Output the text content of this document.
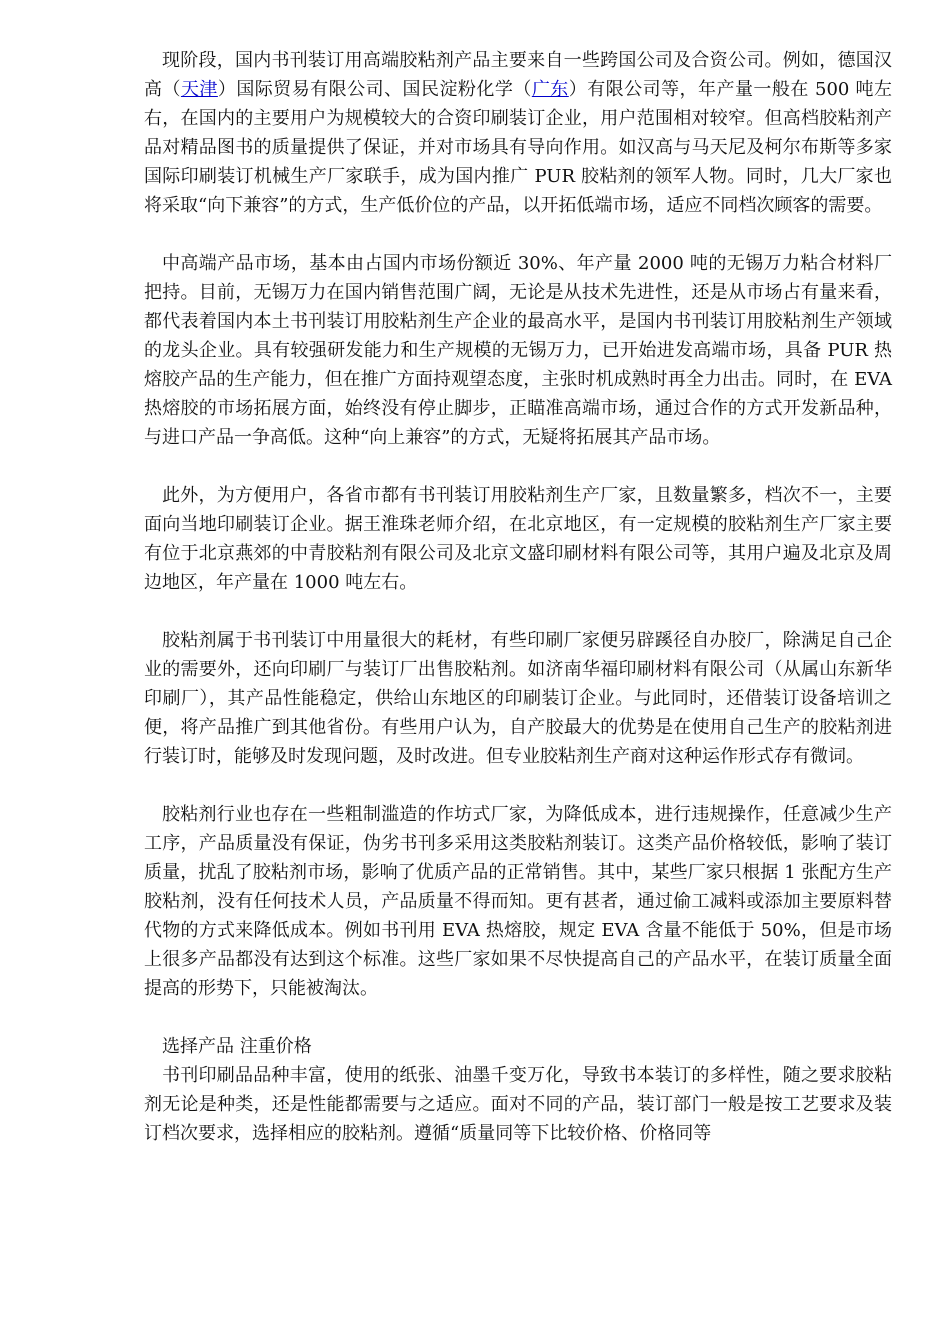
现阶段，国内书刊装订用高端胶粘剂产品主要来自一些跨国公司及合资公司。例如，德国汉高（天津）国际贸易有限公司、国民淀粉化学（广东）有限公司等，年产量一般在 500 吨左右，在国内的主要用户为规模较大的合资印刷装订企业，用户范围相对较窄。但高档胶粘剂产品对精品图书的质量提供了保证，并对市场具有导向作用。如汉高与马天尼及柯尔布斯等多家国际印刷装订机械生产厂家联手，成为国内推广 PUR 胶粘剂的领军人物。同时，几大厂家也将采取“向下兼容”的方式，生产低价位的产品，以开拓低端市场，适应不同档次顾客的需要。

中高端产品市场，基本由占国内市场份额近 30%、年产量 2000 吨的无锡万力粘合材料厂把持。目前，无锡万力在国内销售范围广阔，无论是从技术先进性，还是从市场占有量来看，都代表着国内本土书刊装订用胶粘剂生产企业的最高水平，是国内书刊装订用胶粘剂生产领域的龙头企业。具有较强研发能力和生产规模的无锡万力，已开始进发高端市场，具备 PUR 热熔胶产品的生产能力，但在推广方面持观望态度，主张时机成熟时再全力出击。同时，在 EVA 热熔胶的市场拓展方面，始终没有停止脚步，正瞄准高端市场，通过合作的方式开发新品种，与进口产品一争高低。这种“向上兼容”的方式，无疑将拓展其产品市场。

此外，为方便用户，各省市都有书刊装订用胶粘剂生产厂家，且数量繁多，档次不一，主要面向当地印刷装订企业。据王淮珠老师介绍，在北京地区，有一定规模的胶粘剂生产厂家主要有位于北京燕郊的中青胶粘剂有限公司及北京文盛印刷材料有限公司等，其用户遍及北京及周边地区，年产量在 1000 吨左右。

胶粘剂属于书刊装订中用量很大的耗材，有些印刷厂家便另辟蹊径自办胶厂，除满足自己企业的需要外，还向印刷厂与装订厂出售胶粘剂。如济南华福印刷材料有限公司（从属山东新华印刷厂），其产品性能稳定，供给山东地区的印刷装订企业。与此同时，还借装订设备培训之便，将产品推广到其他省份。有些用户认为，自产胶最大的优势是在使用自己生产的胶粘剂进行装订时，能够及时发现问题，及时改进。但专业胶粘剂生产商对这种运作形式存有微词。

胶粘剂行业也存在一些粗制滥造的作坊式厂家，为降低成本，进行违规操作，任意减少生产工序，产品质量没有保证，伪劣书刊多采用这类胶粘剂装订。这类产品价格较低，影响了装订质量，扰乱了胶粘剂市场，影响了优质产品的正常销售。其中，某些厂家只根据 1 张配方生产胶粘剂，没有任何技术人员，产品质量不得而知。更有甚者，通过偷工减料或添加主要原料替代物的方式来降低成本。例如书刊用 EVA 热熔胶，规定 EVA 含量不能低于 50%，但是市场上很多产品都没有达到这个标准。这些厂家如果不尽快提高自己的产品水平，在装订质量全面提高的形势下，只能被淘汰。

选择产品 注重价格

书刊印刷品品种丰富，使用的纸张、油墨千变万化，导致书本装订的多样性，随之要求胶粘剂无论是种类，还是性能都需要与之适应。面对不同的产品，装订部门一般是按工艺要求及装订档次要求，选择相应的胶粘剂。遵循“质量同等下比较价格、价格同等
